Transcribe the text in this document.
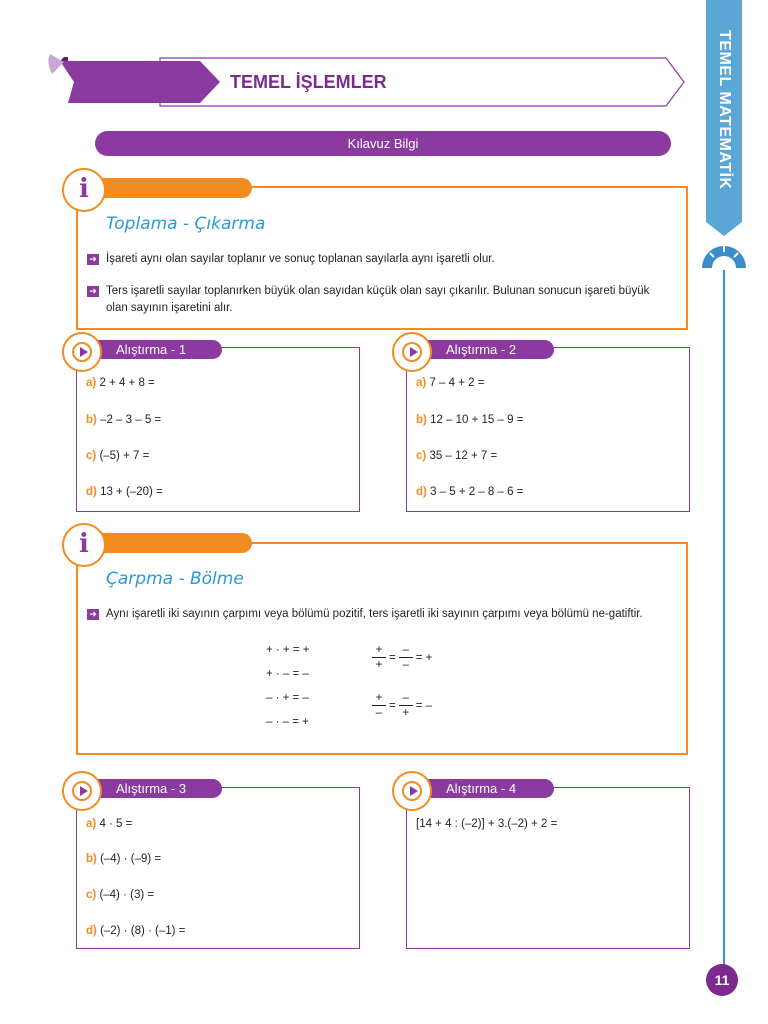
TEMEL MATEMATİK
11
TEMEL İŞLEMLER
Kılavuz Bilgi
i
Toplama - Çıkarma
➔ İşareti aynı olan sayılar toplanır ve sonuç toplanan sayılarla aynı işaretli olur.
➔ Ters işaretli sayılar toplanırken büyük olan sayıdan küçük olan sayı çıkarılır. Bulunan sonucun işareti büyük olan sayının işaretini alır.
Alıştırma - 1
a) 2 + 4 + 8 =
b) –2 – 3 – 5 =
c) (–5) + 7 =
d) 13 + (–20) =
Alıştırma - 2
a) 7 – 4 + 2 =
b) 12 – 10 + 15 – 9 =
c) 35 – 12 + 7 =
d) 3 – 5 + 2 – 8 – 6 =
i
Çarpma - Bölme
➔ Aynı işaretli iki sayının çarpımı veya bölümü pozitif, ters işaretli iki sayının çarpımı veya bölümü ne-gatiftir.
+ · + = +
+ · – = –
– · + = –
– · – = +
$\frac{+}{+} = \frac{-}{-}$ = +
$\frac{+}{-} = \frac{-}{+}$ = –
Alıştırma - 3
a) 4 · 5 =
b) (–4) · (–9) =
c) (–4) · (3) =
d) (–2) · (8) · (–1) =
Alıştırma - 4
[14 + 4 : (–2)] + 3.(–2) + 2 =
